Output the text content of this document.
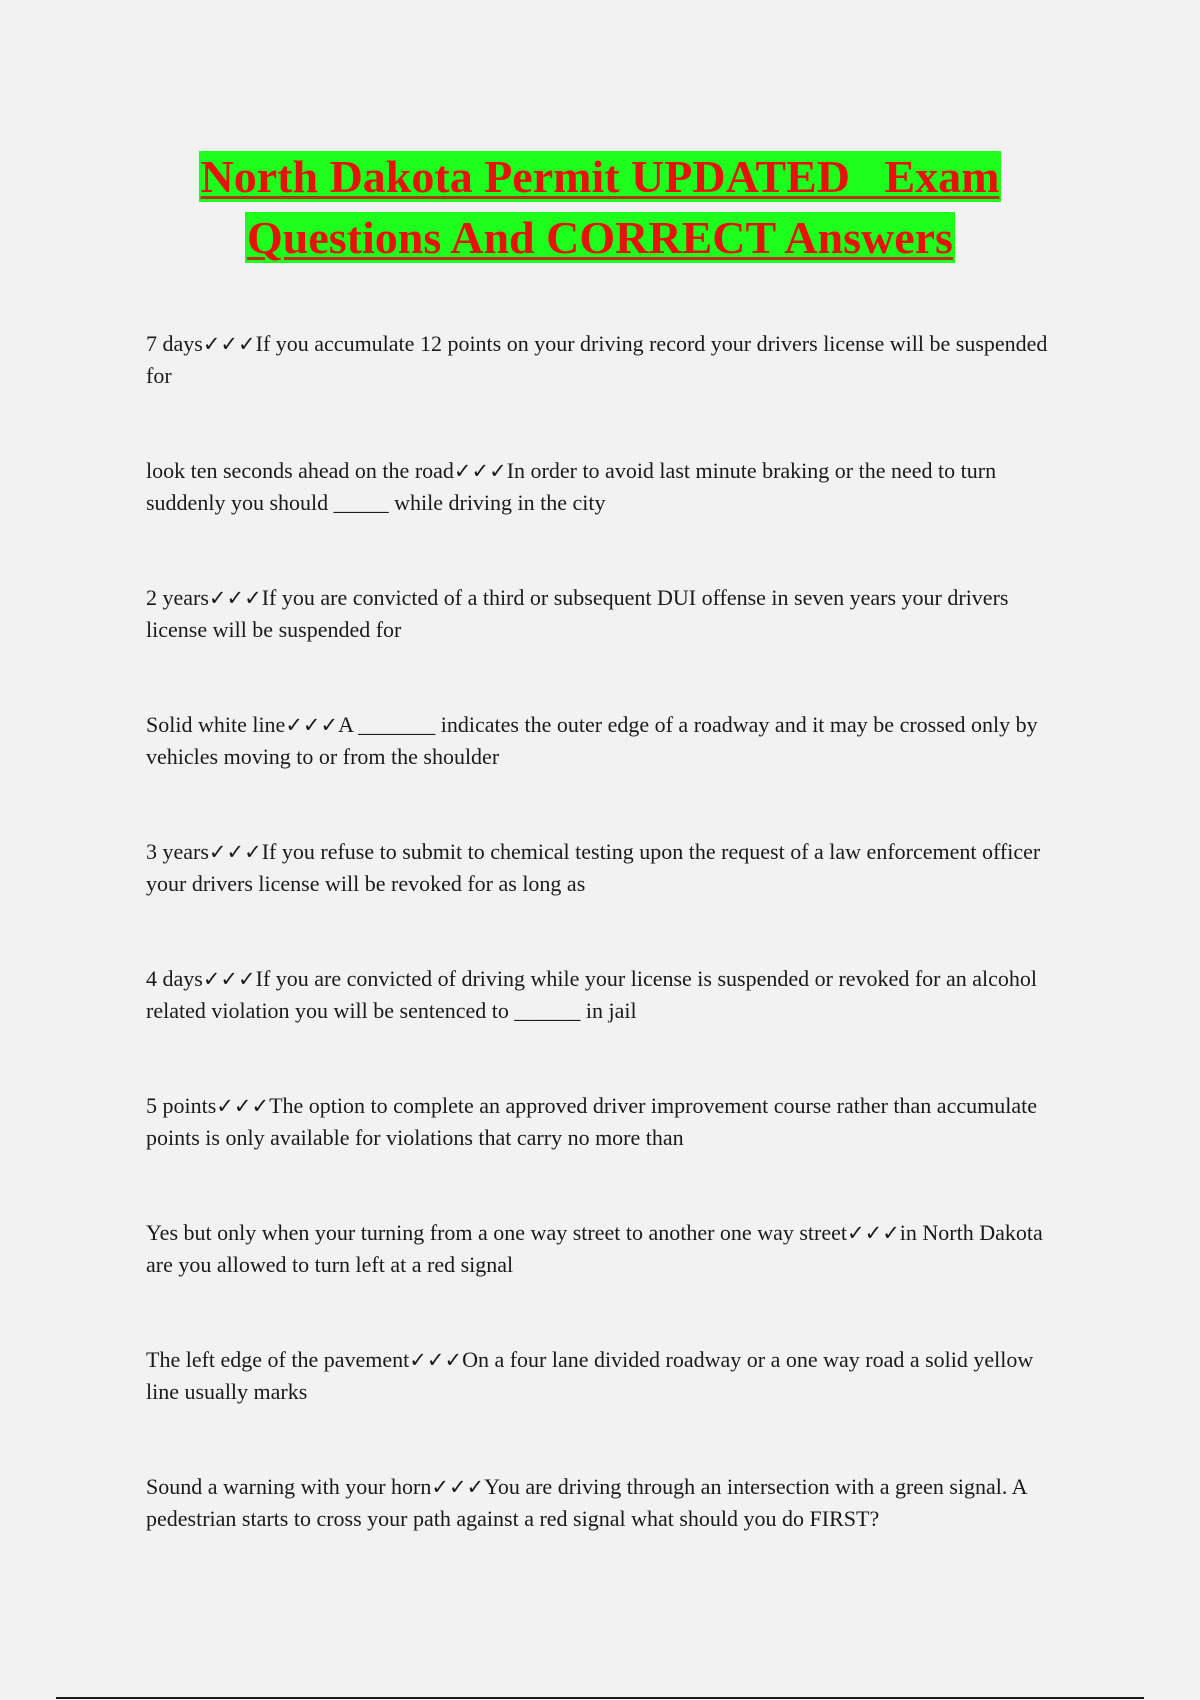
North Dakota Permit UPDATED   Exam
Questions And CORRECT Answers
7 days✓✓✓If you accumulate 12 points on your driving record your drivers license will be suspended for
look ten seconds ahead on the road✓✓✓In order to avoid last minute braking or the need to turn suddenly you should _____ while driving in the city
2 years✓✓✓If you are convicted of a third or subsequent DUI offense in seven years your drivers license will be suspended for
Solid white line✓✓✓A _______ indicates the outer edge of a roadway and it may be crossed only by vehicles moving to or from the shoulder
3 years✓✓✓If you refuse to submit to chemical testing upon the request of a law enforcement officer your drivers license will be revoked for as long as
4 days✓✓✓If you are convicted of driving while your license is suspended or revoked for an alcohol related violation you will be sentenced to ______ in jail
5 points✓✓✓The option to complete an approved driver improvement course rather than accumulate points is only available for violations that carry no more than
Yes but only when your turning from a one way street to another one way street✓✓✓in North Dakota are you allowed to turn left at a red signal
The left edge of the pavement✓✓✓On a four lane divided roadway or a one way road a solid yellow line usually marks
Sound a warning with your horn✓✓✓You are driving through an intersection with a green signal. A pedestrian starts to cross your path against a red signal what should you do FIRST?
